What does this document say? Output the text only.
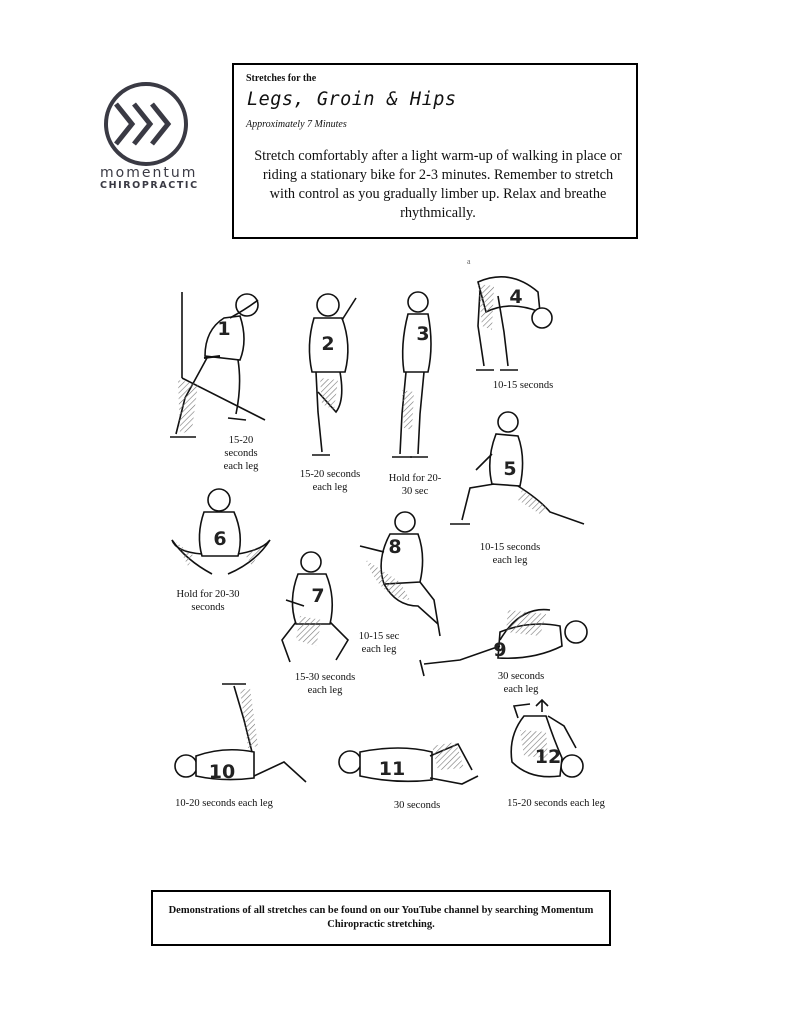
momentum
CHIROPRACTIC
Stretches for the
Legs, Groin & Hips
Approximately 7 Minutes
Stretch comfortably after a light warm-up of walking in place or riding a stationary bike for 2-3 minutes. Remember to stretch with control as you gradually limber up. Relax and breathe rhythmically.
1
2	3
4
5
6
7
8
9
10	11
12
a
15-20 seconds each leg
15-20 seconds each leg
Hold for 20-30 sec
10-15 seconds
10-15 seconds each leg
Hold for 20-30 seconds
15-30 seconds each leg
10-15 sec each leg
30 seconds each leg
10-20 seconds each leg	30 seconds	15-20 seconds each leg
Demonstrations of all stretches can be found on our YouTube channel by searching Momentum Chiropractic stretching.
